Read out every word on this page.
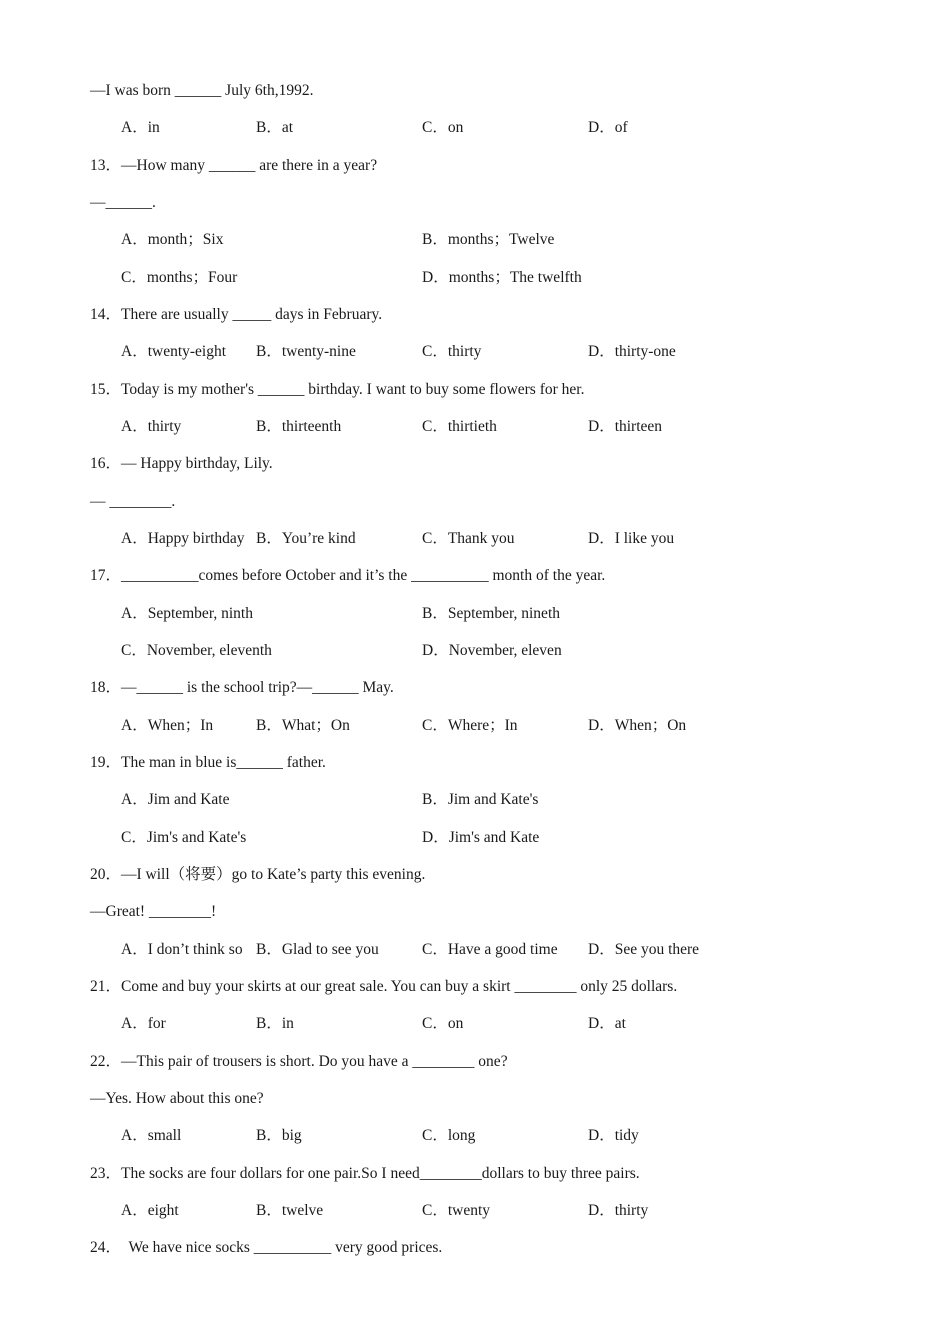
—I was born ______ July 6th,1992.
A．in	B．at	C．on	D．of
13．—How many ______ are there in a year?
—______.
A．month；Six	B．months；Twelve
C．months；Four	D．months；The twelfth
14．There are usually _____ days in February.
A．twenty-eight B．twenty-nine	C．thirty	D．thirty-one
15．Today is my mother's ______ birthday. I want to buy some flowers for her.
A．thirty	B．thirteenth	C．thirtieth	D．thirteen
16．— Happy birthday, Lily.
— ________.
A．Happy birthday B．You’re kind	C．Thank you	D．I like you
17．__________comes before October and it’s the __________ month of the year.
A．September, ninth	B．September, nineth
C．November, eleventh	D．November, eleven
18．—______ is the school trip?—______ May.
A．When；In	B．What；On	C．Where；In	D．When；On
19．The man in blue is______ father.
A．Jim and Kate	B．Jim and Kate's
C．Jim's and Kate's	D．Jim's and Kate
20．—I will（将要）go to Kate’s party this evening.
—Great! ________!
A．I don’t think so B．Glad to see you	C．Have a good time D．See you there
21．Come and buy your skirts at our great sale. You can buy a skirt ________ only 25 dollars.
A．for	B．in	C．on	D．at
22．—This pair of trousers is short. Do you have a ________ one?
—Yes. How about this one?
A．small	B．big	C．long	D．tidy
23．The socks are four dollars for one pair.So I need________dollars to buy three pairs.
A．eight	B．twelve	C．twenty	D．thirty
24．  We have nice socks __________ very good prices.
